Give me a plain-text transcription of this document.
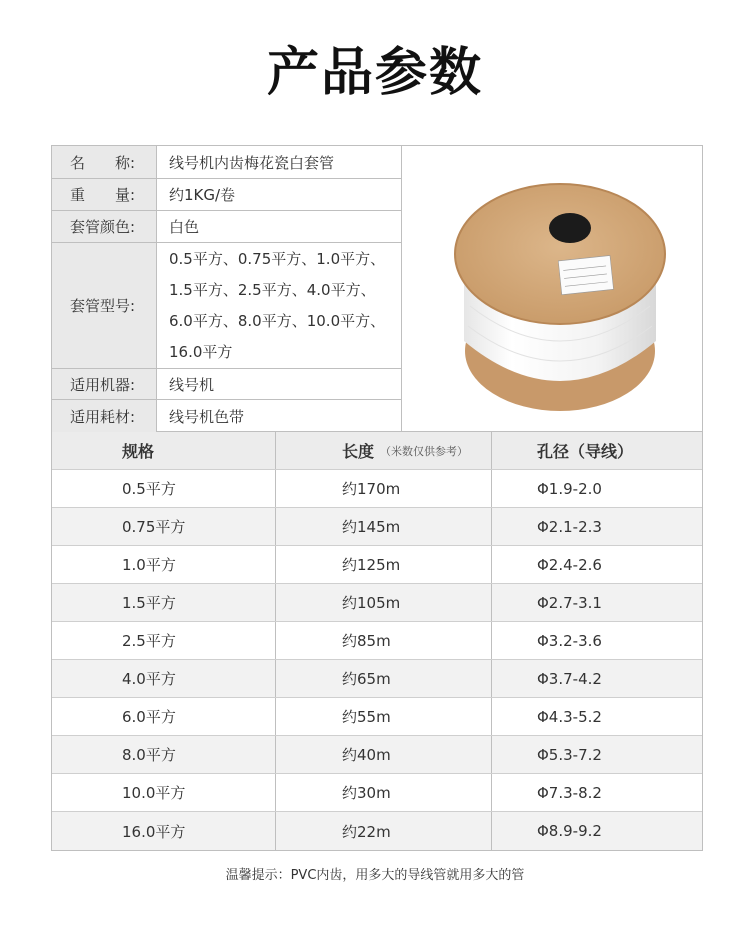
产品参数
名　　称:	线号机内齿梅花瓷白套管
重　　量:	约1KG/卷
套管颜色:	白色
套管型号:
0.5平方、0.75平方、1.0平方、
1.5平方、2.5平方、4.0平方、
6.0平方、8.0平方、10.0平方、
16.0平方
适用机器:	线号机
适用耗材:	线号机色带
规格	长度 （米数仅供参考）	孔径（导线）
0.5平方	约170m	Φ1.9-2.0
0.75平方	约145m	Φ2.1-2.3
1.0平方	约125m	Φ2.4-2.6
1.5平方	约105m	Φ2.7-3.1
2.5平方	约85m	Φ3.2-3.6
4.0平方	约65m	Φ3.7-4.2
6.0平方	约55m	Φ4.3-5.2
8.0平方	约40m	Φ5.3-7.2
10.0平方	约30m	Φ7.3-8.2
16.0平方	约22m	Φ8.9-9.2
温馨提示：PVC内齿，用多大的导线管就用多大的管
